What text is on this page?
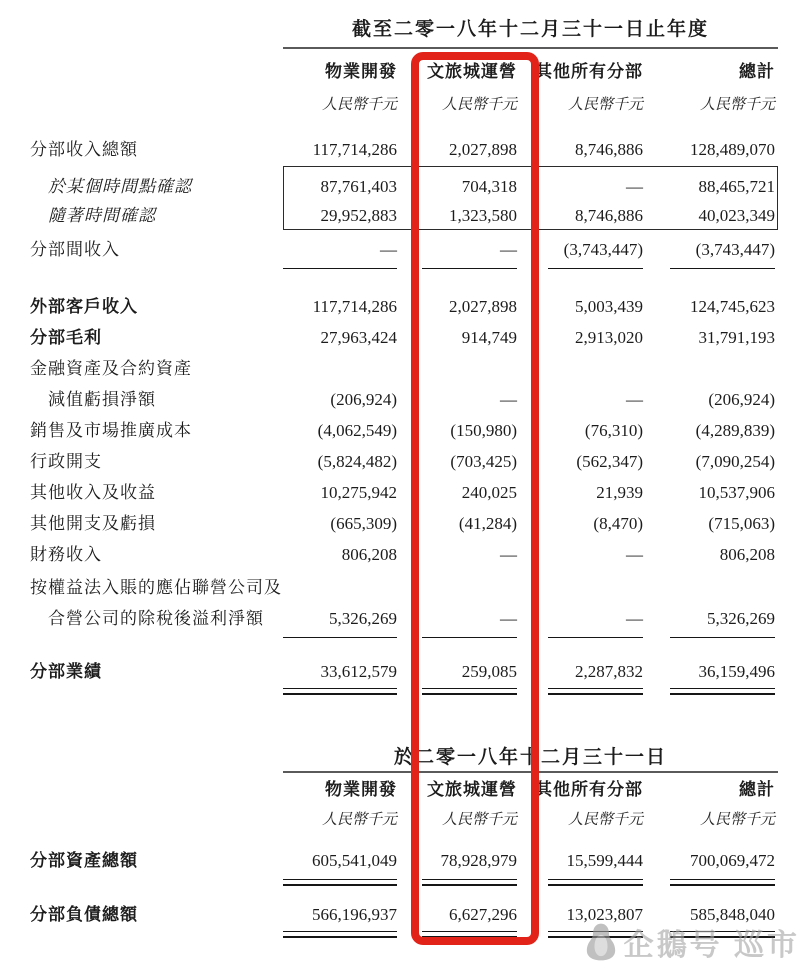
截至二零一八年十二月三十一日止年度
物業開發	文旅城運營	其他所有分部	總計
人民幣千元	人民幣千元	人民幣千元	人民幣千元
分部收入總額	117,714,286	2,027,898	8,746,886	128,489,070
於某個時間點確認	87,761,403	704,318	—	88,465,721
隨著時間確認	29,952,883	1,323,580	8,746,886	40,023,349
分部間收入	—	—	(3,743,447)	(3,743,447)
外部客戶收入	117,714,286	2,027,898	5,003,439	124,745,623
分部毛利	27,963,424	914,749	2,913,020	31,791,193
金融資產及合約資產
減值虧損淨額	(206,924)	—	—	(206,924)
銷售及市場推廣成本	(4,062,549)	(150,980)	(76,310)	(4,289,839)
行政開支	(5,824,482)	(703,425)	(562,347)	(7,090,254)
其他收入及收益	10,275,942	240,025	21,939	10,537,906
其他開支及虧損	(665,309)	(41,284)	(8,470)	(715,063)
財務收入	806,208	—	—	806,208
按權益法入賬的應佔聯營公司及
合營公司的除稅後溢利淨額	5,326,269	—	—	5,326,269
分部業績	33,612,579	259,085	2,287,832	36,159,496
於二零一八年十二月三十一日
物業開發	文旅城運營	其他所有分部	總計
人民幣千元	人民幣千元	人民幣千元	人民幣千元
分部資產總額	605,541,049	78,928,979	15,599,444	700,069,472
分部負債總額	566,196,937	6,627,296	13,023,807	585,848,040
企鵝号 巡市
